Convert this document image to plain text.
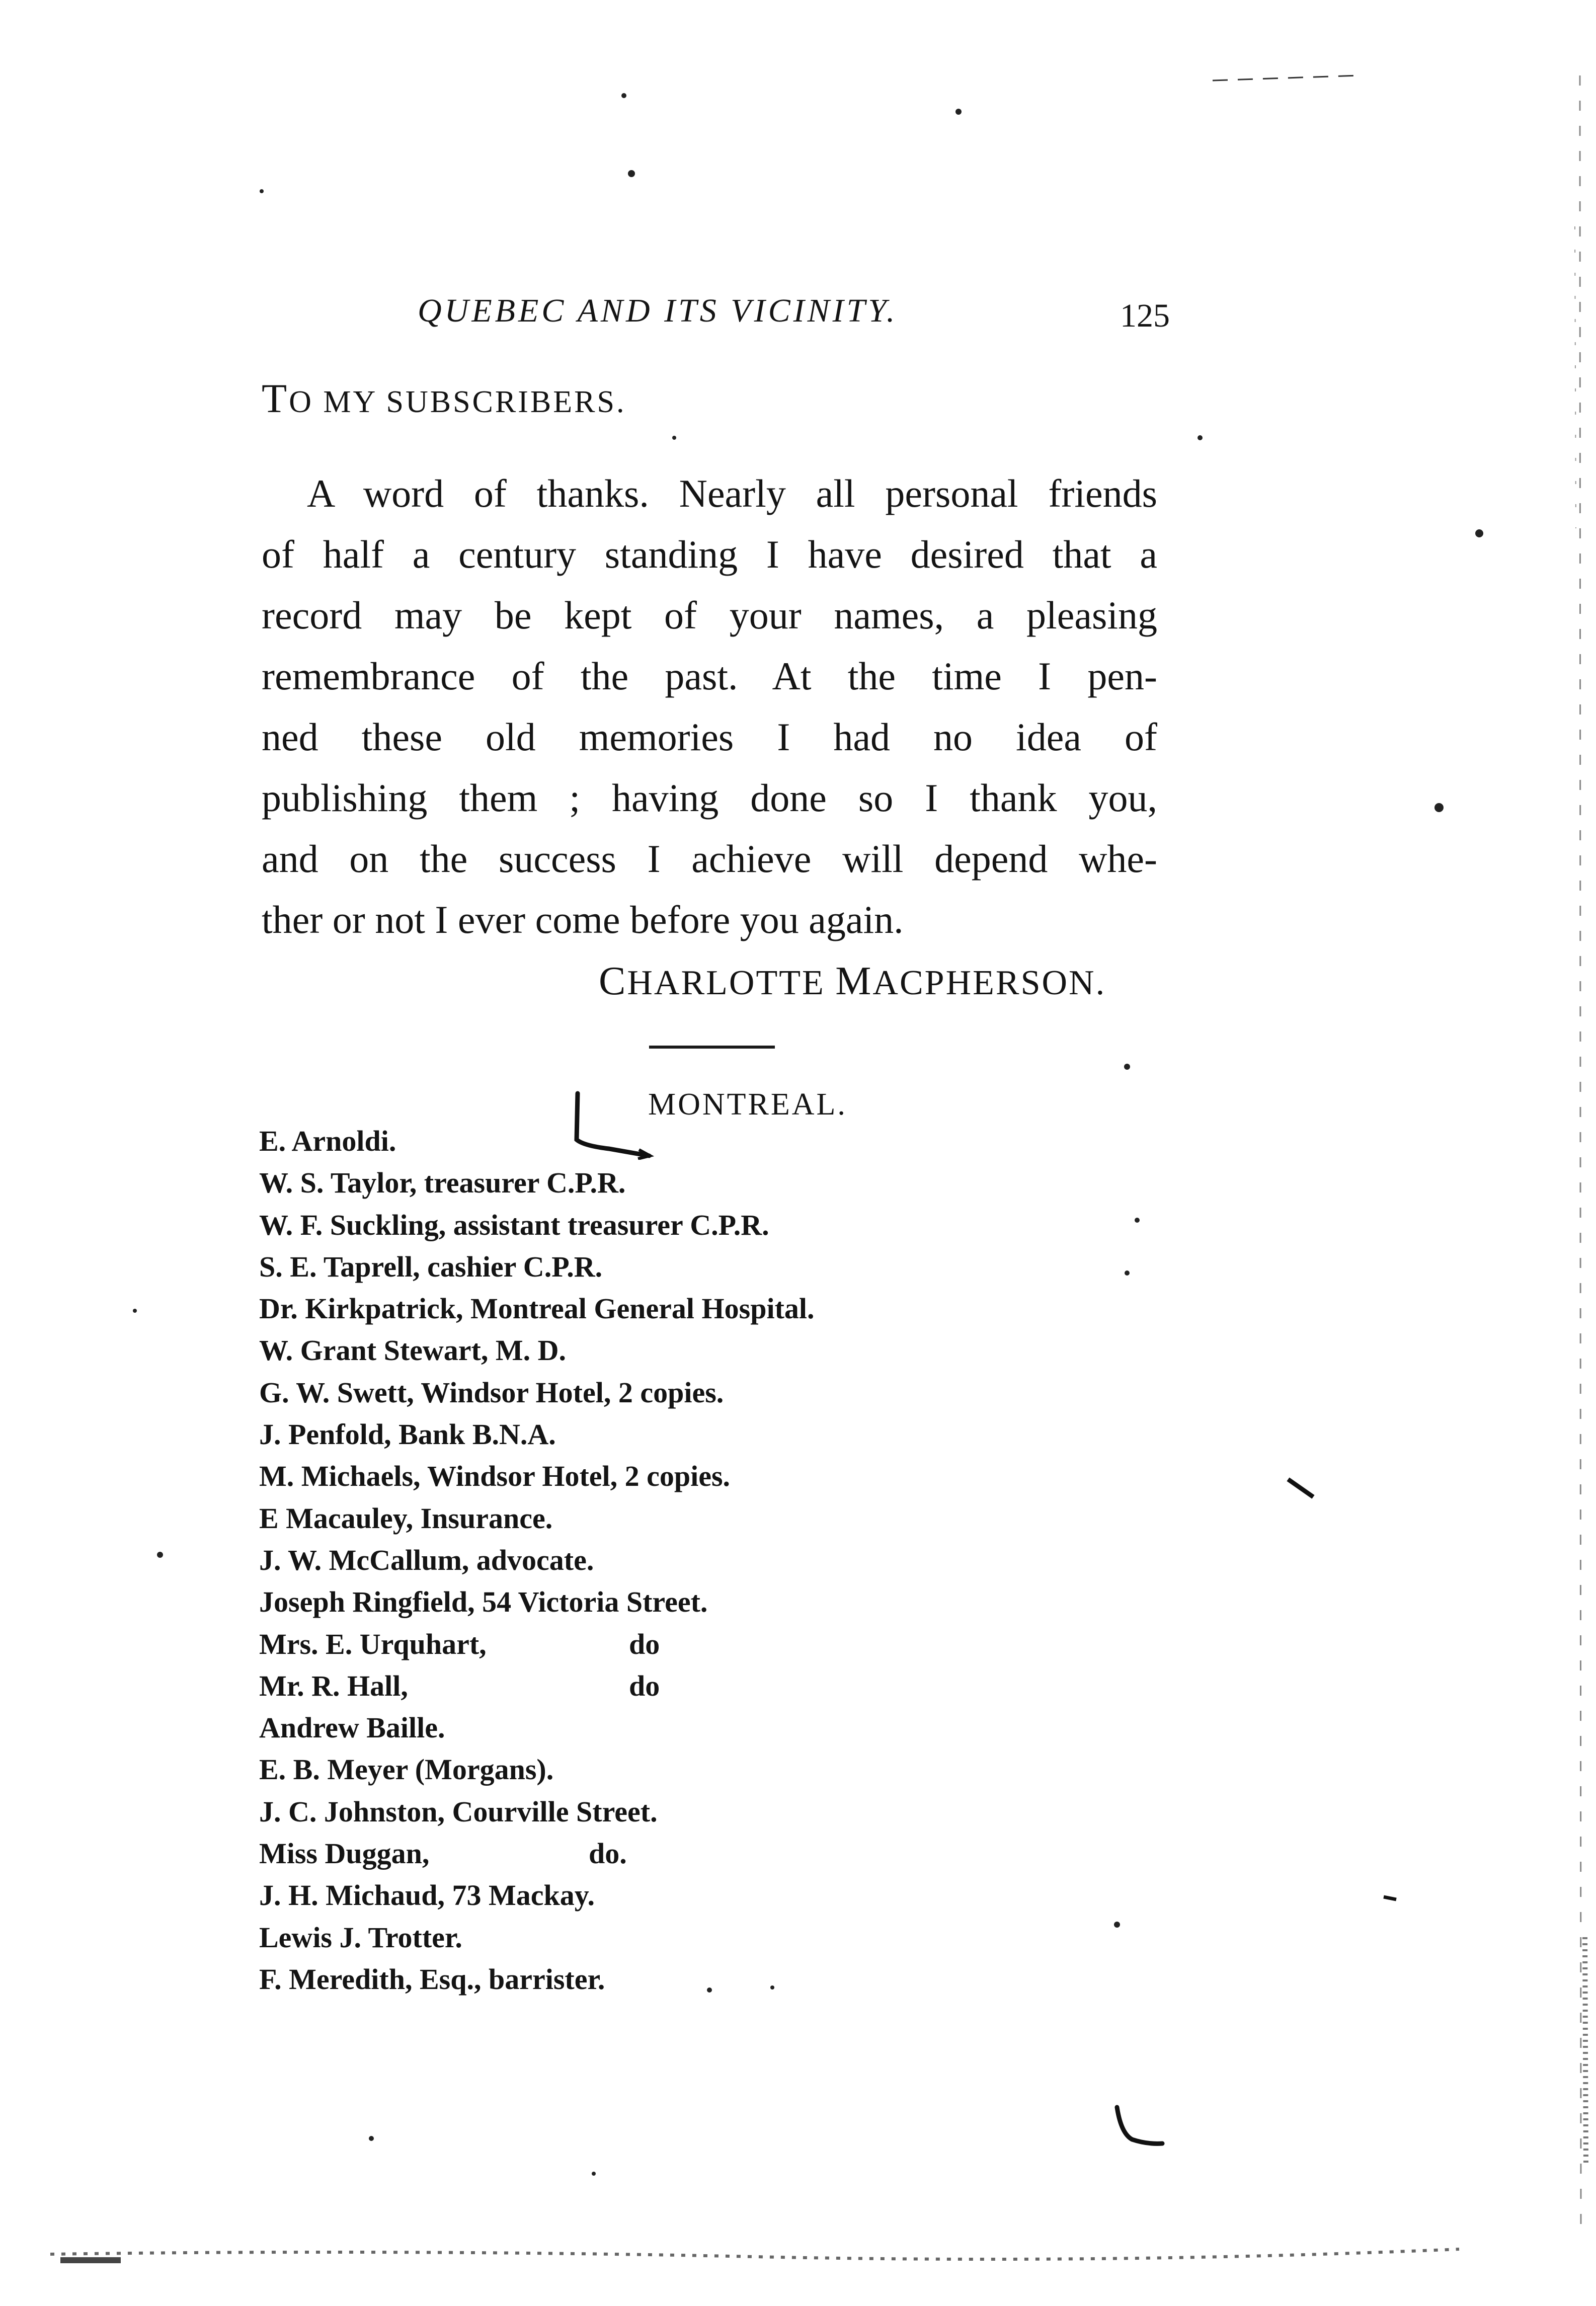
QUEBEC AND ITS VICINITY.	125
TO MY SUBSCRIBERS.
A word of thanks. Nearly all personal friends
of half a century standing I have desired that a
record may be kept of your names, a pleasing
remembrance of the past. At the time I pen-
ned these old memories I had no idea of
publishing them ; having done so I thank you,
and on the success I achieve will depend whe-
ther or not I ever come before you again.
CHARLOTTE MACPHERSON.
MONTREAL.
E. Arnoldi.
W. S. Taylor, treasurer C.P.R.
W. F. Suckling, assistant treasurer C.P.R.
S. E. Taprell, cashier C.P.R.
Dr. Kirkpatrick, Montreal General Hospital.
W. Grant Stewart, M. D.
G. W. Swett, Windsor Hotel, 2 copies.
J. Penfold, Bank B.N.A.
M. Michaels, Windsor Hotel, 2 copies.
E Macauley, Insurance.
J. W. McCallum, advocate.
Joseph Ringfield, 54 Victoria Street.
Mrs. E. Urquhart,	do
Mr. R. Hall,	do
Andrew Baille.
E. B. Meyer (Morgans).
J. C. Johnston, Courville Street.
Miss Duggan,	do.
J. H. Michaud, 73 Mackay.
Lewis J. Trotter.
F. Meredith, Esq., barrister.
